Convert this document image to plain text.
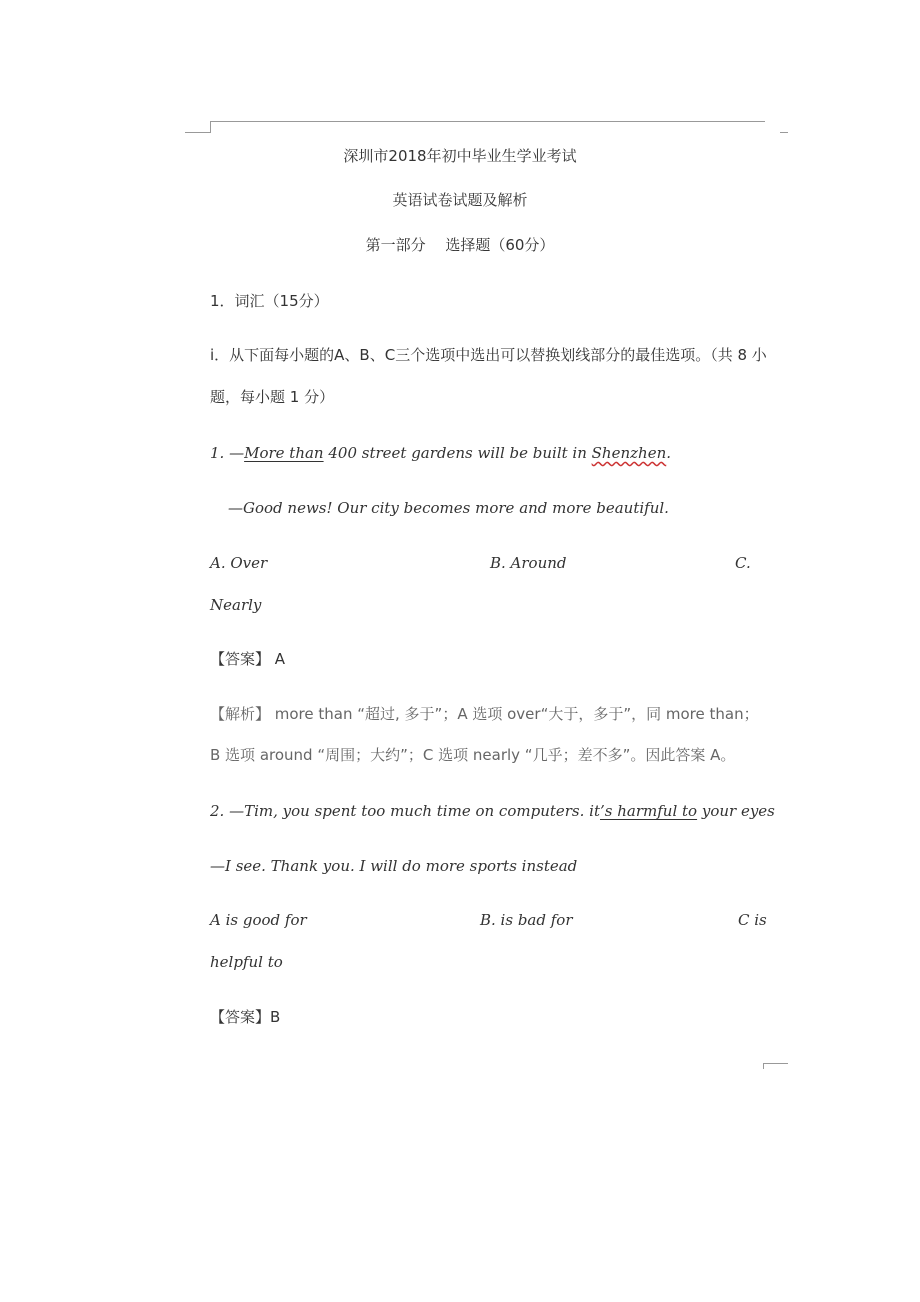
深圳市2018年初中毕业生学业考试
英语试卷试题及解析
第一部分　 选择题（60分）
1．词汇（15分）
i．从下面每小题的A、B、C三个选项中选出可以替换划线部分的最佳选项。（共 8 小
题，每小题 1 分）
1. —More than 400 street gardens will be built in Shenzhen.
—Good news! Our city becomes more and more beautiful.
A. Over	B. Around	C.
Nearly
【答案】 A
【解析】 more than “超过, 多于”；A 选项 over“大于，多于”，同 more than；
B 选项 around “周围；大约”；C 选项 nearly “几乎；差不多”。因此答案 A。
2. —Tim, you spent too much time on computers. it’s harmful to your eyes
—I see. Thank you. I will do more sports instead
A is good for	B. is bad for	C is
helpful to
【答案】B
